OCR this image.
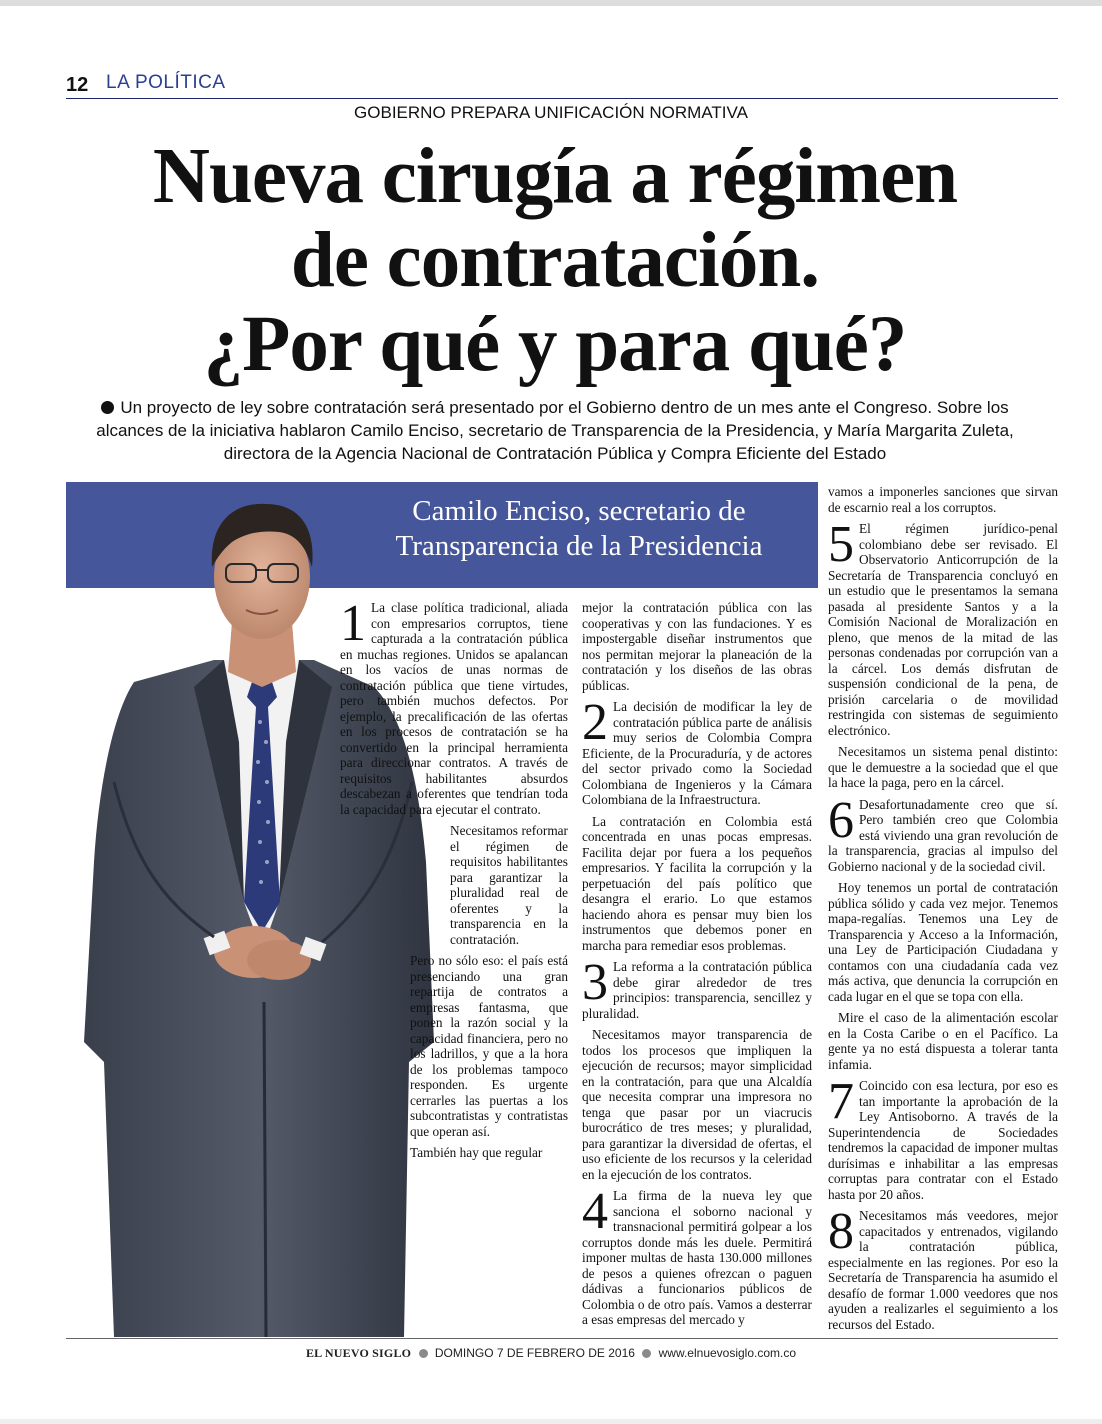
12 LA POLÍTICA
GOBIERNO PREPARA UNIFICACIÓN NORMATIVA
Nueva cirugía a régimen
de contratación.
¿Por qué y para qué?

Un proyecto de ley sobre contratación será presentado por el Gobierno dentro de un mes ante el Congreso. Sobre los
alcances de la iniciativa hablaron Camilo Enciso, secretario de Transparencia de la Presidencia, y María Margarita Zuleta,
directora de la Agencia Nacional de Contratación Pública y Compra Eficiente del Estado

Camilo Enciso, secretario de
Transparencia de la Presidencia

1 La clase política tradicional, aliada con empresarios corruptos, tiene capturada a la contratación pública en muchas regiones. Unidos se apalancan en los vacíos de unas normas de contratación pública que tiene virtudes, pero también muchos defectos. Por ejemplo, la precalificación de las ofertas en los procesos de contratación se ha convertido en la principal herramienta para direccionar contratos. A través de requisitos habilitantes absurdos descabezan a oferentes que tendrían toda la capacidad para ejecutar el contrato.

Necesitamos reformar el régimen de requisitos habilitantes para garantizar la pluralidad real de oferentes y la transparencia en la contratación.

Pero no sólo eso: el país está presenciando una gran repartija de contratos a empresas fantasma, que ponen la razón social y la capacidad financiera, pero no los ladrillos, y que a la hora de los problemas tampoco responden. Es urgente cerrarles las puertas a los subcontratistas y contratistas que operan así.

También hay que regular

mejor la contratación pública con las cooperativas y con las fundaciones. Y es impostergable diseñar instrumentos que nos permitan mejorar la planeación de la contratación y los diseños de las obras públicas.

2 La decisión de modificar la ley de contratación pública parte de análisis muy serios de Colombia Compra Eficiente, de la Procuraduría, y de actores del sector privado como la Sociedad Colombiana de Ingenieros y la Cámara Colombiana de la Infraestructura.

La contratación en Colombia está concentrada en unas pocas empresas. Facilita dejar por fuera a los pequeños empresarios. Y facilita la corrupción y la perpetuación del país político que desangra el erario. Lo que estamos haciendo ahora es pensar muy bien los instrumentos que debemos poner en marcha para remediar esos problemas.

3 La reforma a la contratación pública debe girar alrededor de tres principios: transparencia, sencillez y pluralidad.

Necesitamos mayor transparencia de todos los procesos que impliquen la ejecución de recursos; mayor simplicidad en la contratación, para que una Alcaldía que necesita comprar una impresora no tenga que pasar por un viacrucis burocrático de tres meses; y pluralidad, para garantizar la diversidad de ofertas, el uso eficiente de los recursos y la celeridad en la ejecución de los contratos.

4 La firma de la nueva ley que sanciona el soborno nacional y transnacional permitirá golpear a los corruptos donde más les duele. Permitirá imponer multas de hasta 130.000 millones de pesos a quienes ofrezcan o paguen dádivas a funcionarios públicos de Colombia o de otro país. Vamos a desterrar a esas empresas del mercado y

vamos a imponerles sanciones que sirvan de escarnio real a los corruptos.

5 El régimen jurídico-penal colombiano debe ser revisado. El Observatorio Anticorrupción de la Secretaría de Transparencia concluyó en un estudio que le presentamos la semana pasada al presidente Santos y a la Comisión Nacional de Moralización en pleno, que menos de la mitad de las personas condenadas por corrupción van a la cárcel. Los demás disfrutan de suspensión condicional de la pena, de prisión carcelaria o de movilidad restringida con sistemas de seguimiento electrónico.

Necesitamos un sistema penal distinto: que le demuestre a la sociedad que el que la hace la paga, pero en la cárcel.

6 Desafortunadamente creo que sí. Pero también creo que Colombia está viviendo una gran revolución de la transparencia, gracias al impulso del Gobierno nacional y de la sociedad civil.

Hoy tenemos un portal de contratación pública sólido y cada vez mejor. Tenemos mapa-regalías. Tenemos una Ley de Transparencia y Acceso a la Información, una Ley de Participación Ciudadana y contamos con una ciudadanía cada vez más activa, que denuncia la corrupción en cada lugar en el que se topa con ella.

Mire el caso de la alimentación escolar en la Costa Caribe o en el Pacífico. La gente ya no está dispuesta a tolerar tanta infamia.

7 Coincido con esa lectura, por eso es tan importante la aprobación de la Ley Antisoborno. A través de la Superintendencia de Sociedades tendremos la capacidad de imponer multas durísimas e inhabilitar a las empresas corruptas para contratar con el Estado hasta por 20 años.

8 Necesitamos más veedores, mejor capacitados y entrenados, vigilando la contratación pública, especialmente en las regiones. Por eso la Secretaría de Transparencia ha asumido el desafío de formar 1.000 veedores que nos ayuden a realizarles el seguimiento a los recursos del Estado.

EL NUEVO SIGLO DOMINGO 7 DE FEBRERO DE 2016 www.elnuevosiglo.com.co
